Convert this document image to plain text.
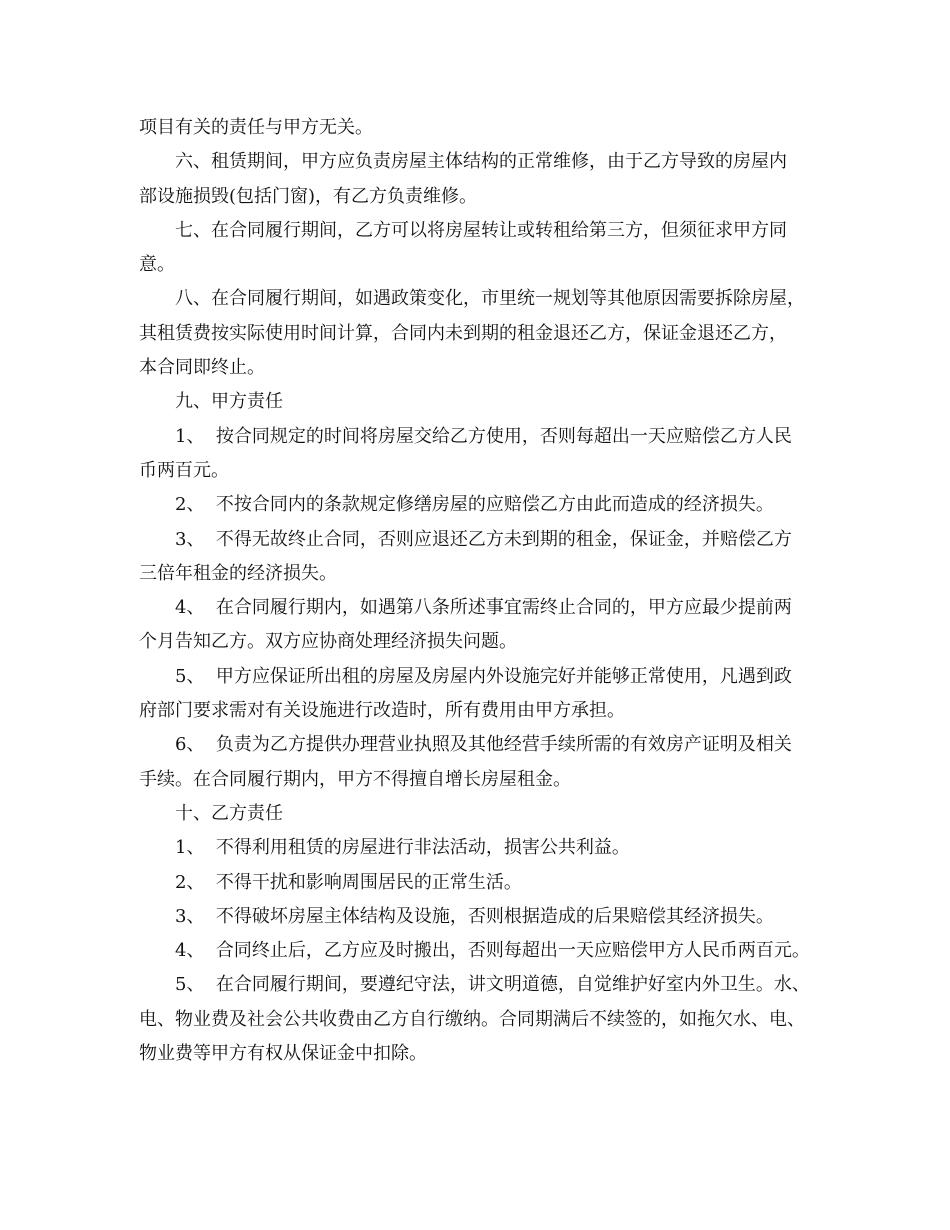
项目有关的责任与甲方无关。
六、租赁期间，甲方应负责房屋主体结构的正常维修，由于乙方导致的房屋内
部设施损毁(包括门窗)，有乙方负责维修。
七、在合同履行期间，乙方可以将房屋转让或转租给第三方，但须征求甲方同
意。
八、在合同履行期间，如遇政策变化，市里统一规划等其他原因需要拆除房屋，
其租赁费按实际使用时间计算，合同内未到期的租金退还乙方，保证金退还乙方，
本合同即终止。
九、甲方责任
1、  按合同规定的时间将房屋交给乙方使用，否则每超出一天应赔偿乙方人民
币两百元。
2、  不按合同内的条款规定修缮房屋的应赔偿乙方由此而造成的经济损失。
3、  不得无故终止合同，否则应退还乙方未到期的租金，保证金，并赔偿乙方
三倍年租金的经济损失。
4、  在合同履行期内，如遇第八条所述事宜需终止合同的，甲方应最少提前两
个月告知乙方。双方应协商处理经济损失问题。
5、  甲方应保证所出租的房屋及房屋内外设施完好并能够正常使用，凡遇到政
府部门要求需对有关设施进行改造时，所有费用由甲方承担。
6、  负责为乙方提供办理营业执照及其他经营手续所需的有效房产证明及相关
手续。在合同履行期内，甲方不得擅自增长房屋租金。
十、乙方责任
1、  不得利用租赁的房屋进行非法活动，损害公共利益。
2、  不得干扰和影响周围居民的正常生活。
3、  不得破坏房屋主体结构及设施，否则根据造成的后果赔偿其经济损失。
4、  合同终止后，乙方应及时搬出，否则每超出一天应赔偿甲方人民币两百元。
5、  在合同履行期间，要遵纪守法，讲文明道德，自觉维护好室内外卫生。水、
电、物业费及社会公共收费由乙方自行缴纳。合同期满后不续签的，如拖欠水、电、
物业费等甲方有权从保证金中扣除。
